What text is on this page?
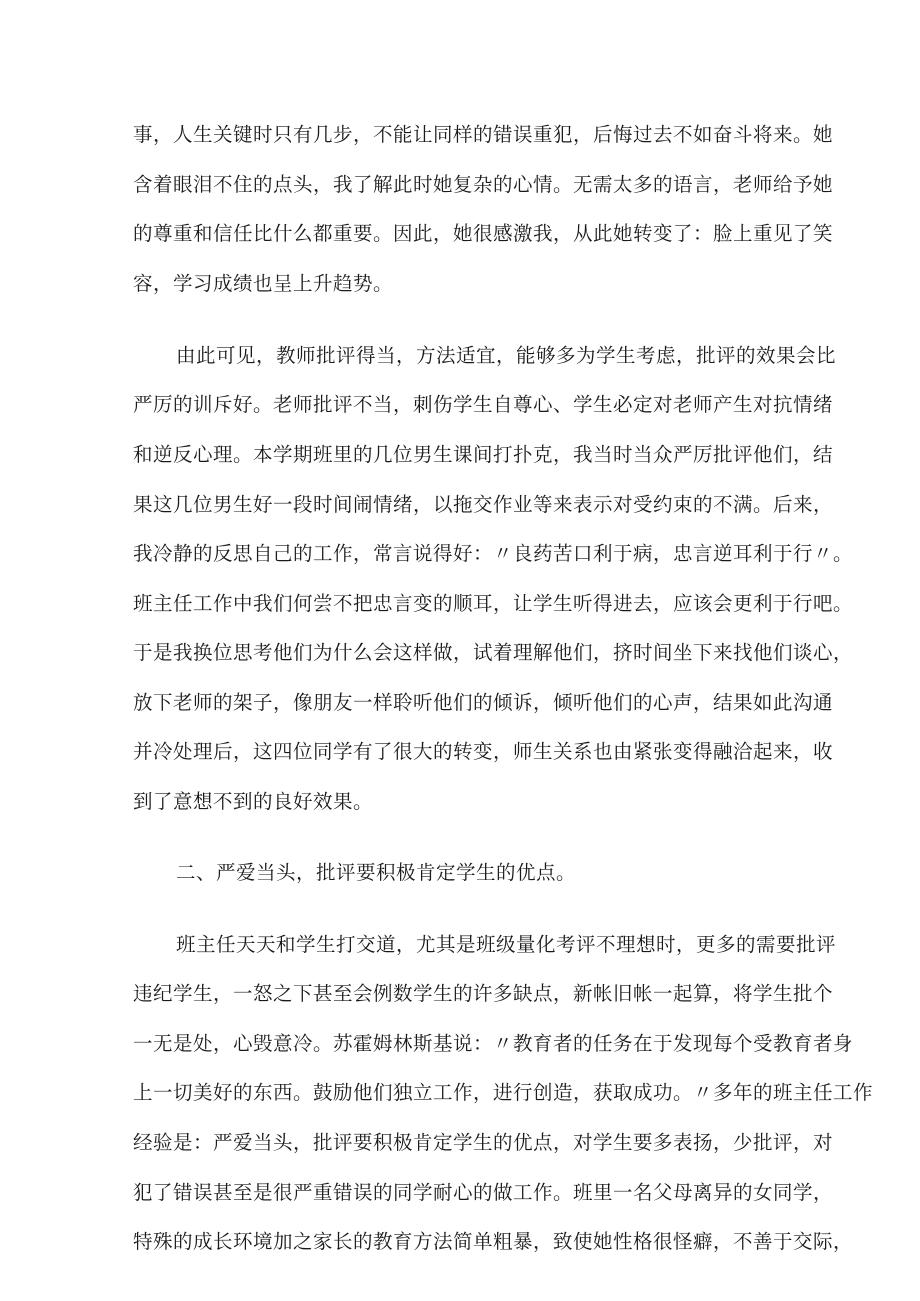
事，人生关键时只有几步，不能让同样的错误重犯，后悔过去不如奋斗将来。她
含着眼泪不住的点头，我了解此时她复杂的心情。无需太多的语言，老师给予她
的尊重和信任比什么都重要。因此，她很感激我，从此她转变了：脸上重见了笑
容，学习成绩也呈上升趋势。
由此可见，教师批评得当，方法适宜，能够多为学生考虑，批评的效果会比
严厉的训斥好。老师批评不当，刺伤学生自尊心、学生必定对老师产生对抗情绪
和逆反心理。本学期班里的几位男生课间打扑克，我当时当众严厉批评他们，结
果这几位男生好一段时间闹情绪，以拖交作业等来表示对受约束的不满。后来，
我冷静的反思自己的工作，常言说得好：〃良药苦口利于病，忠言逆耳利于行〃。
班主任工作中我们何尝不把忠言变的顺耳，让学生听得进去，应该会更利于行吧。
于是我换位思考他们为什么会这样做，试着理解他们，挤时间坐下来找他们谈心，
放下老师的架子，像朋友一样聆听他们的倾诉，倾听他们的心声，结果如此沟通
并冷处理后，这四位同学有了很大的转变，师生关系也由紧张变得融洽起来，收
到了意想不到的良好效果。
二、严爱当头，批评要积极肯定学生的优点。
班主任天天和学生打交道，尤其是班级量化考评不理想时，更多的需要批评
违纪学生，一怒之下甚至会例数学生的许多缺点，新帐旧帐一起算，将学生批个
一无是处，心毁意冷。苏霍姆林斯基说：〃教育者的任务在于发现每个受教育者身
上一切美好的东西。鼓励他们独立工作，进行创造，获取成功。〃多年的班主任工作
经验是：严爱当头，批评要积极肯定学生的优点，对学生要多表扬，少批评，对
犯了错误甚至是很严重错误的同学耐心的做工作。班里一名父母离异的女同学，
特殊的成长环境加之家长的教育方法简单粗暴，致使她性格很怪癖，不善于交际，
